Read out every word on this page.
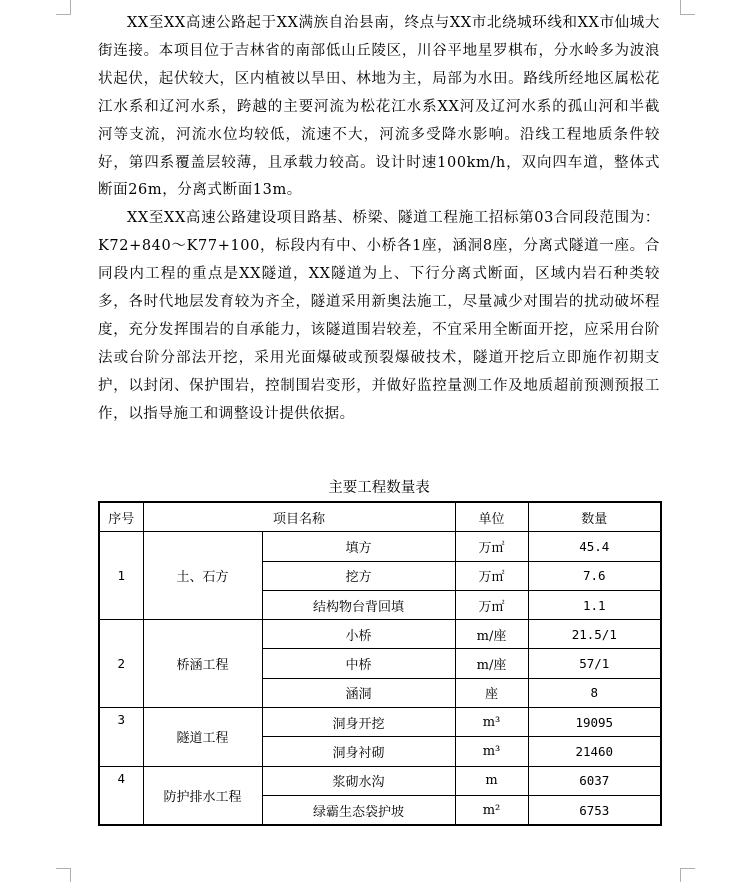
XX至XX高速公路起于XX满族自治县南，终点与XX市北绕城环线和XX市仙城大街连接。本项目位于吉林省的南部低山丘陵区，川谷平地星罗棋布，分水岭多为波浪状起伏，起伏较大，区内植被以旱田、林地为主，局部为水田。路线所经地区属松花江水系和辽河水系，跨越的主要河流为松花江水系XX河及辽河水系的孤山河和半截河等支流，河流水位均较低，流速不大，河流多受降水影响。沿线工程地质条件较好，第四系覆盖层较薄，且承载力较高。设计时速100km/h，双向四车道，整体式断面26m，分离式断面13m。

XX至XX高速公路建设项目路基、桥梁、隧道工程施工招标第03合同段范围为：K72+840～K77+100，标段内有中、小桥各1座，涵洞8座，分离式隧道一座。合同段内工程的重点是XX隧道，XX隧道为上、下行分离式断面，区域内岩石种类较多，各时代地层发育较为齐全，隧道采用新奥法施工，尽量减少对围岩的扰动破坏程度，充分发挥围岩的自承能力，该隧道围岩较差，不宜采用全断面开挖，应采用台阶法或台阶分部法开挖，采用光面爆破或预裂爆破技术，隧道开挖后立即施作初期支护，以封闭、保护围岩，控制围岩变形，并做好监控量测工作及地质超前预测预报工作，以指导施工和调整设计提供依据。

主要工程数量表
序号	项目名称		单位	数量
1	土、石方	填方	万㎡	45.4
		挖方	万㎡	7.6
		结构物台背回填	万㎡	1.1
2	桥涵工程	小桥	m/座	21.5/1
		中桥	m/座	57/1
		涵洞	座	8
3	隧道工程	洞身开挖	m³	19095
		洞身衬砌	m³	21460
4	防护排水工程	浆砌水沟	m	6037
		绿霸生态袋护坡	m²	6753
